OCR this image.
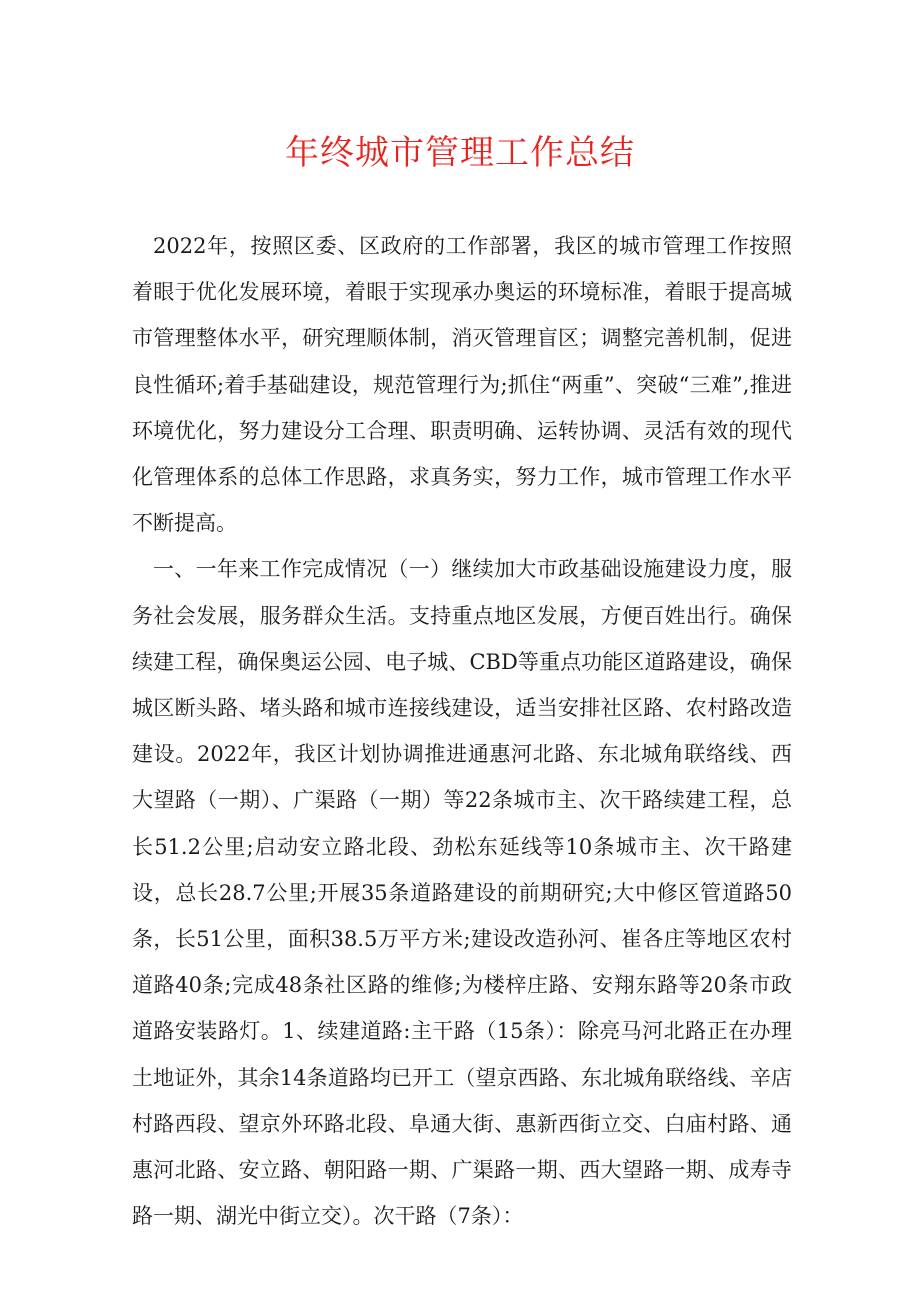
年终城市管理工作总结

2022年，按照区委、区政府的工作部署，我区的城市管理工作按照着眼于优化发展环境，着眼于实现承办奥运的环境标准，着眼于提高城市管理整体水平，研究理顺体制，消灭管理盲区；调整完善机制，促进良性循环;着手基础建设，规范管理行为;抓住“两重”、突破“三难”,推进环境优化，努力建设分工合理、职责明确、运转协调、灵活有效的现代化管理体系的总体工作思路，求真务实，努力工作，城市管理工作水平不断提高。

一、一年来工作完成情况（一）继续加大市政基础设施建设力度，服务社会发展，服务群众生活。支持重点地区发展，方便百姓出行。确保续建工程，确保奥运公园、电子城、CBD等重点功能区道路建设，确保城区断头路、堵头路和城市连接线建设，适当安排社区路、农村路改造建设。2022年，我区计划协调推进通惠河北路、东北城角联络线、西大望路（一期）、广渠路（一期）等22条城市主、次干路续建工程，总长51.2公里;启动安立路北段、劲松东延线等10条城市主、次干路建设，总长28.7公里;开展35条道路建设的前期研究;大中修区管道路50条，长51公里，面积38.5万平方米;建设改造孙河、崔各庄等地区农村道路40条;完成48条社区路的维修;为楼梓庄路、安翔东路等20条市政道路安装路灯。1、续建道路:主干路（15条）：除亮马河北路正在办理土地证外，其余14条道路均已开工（望京西路、东北城角联络线、辛店村路西段、望京外环路北段、阜通大街、惠新西街立交、白庙村路、通惠河北路、安立路、朝阳路一期、广渠路一期、西大望路一期、成寿寺路一期、湖光中街立交）。次干路（7条）：
